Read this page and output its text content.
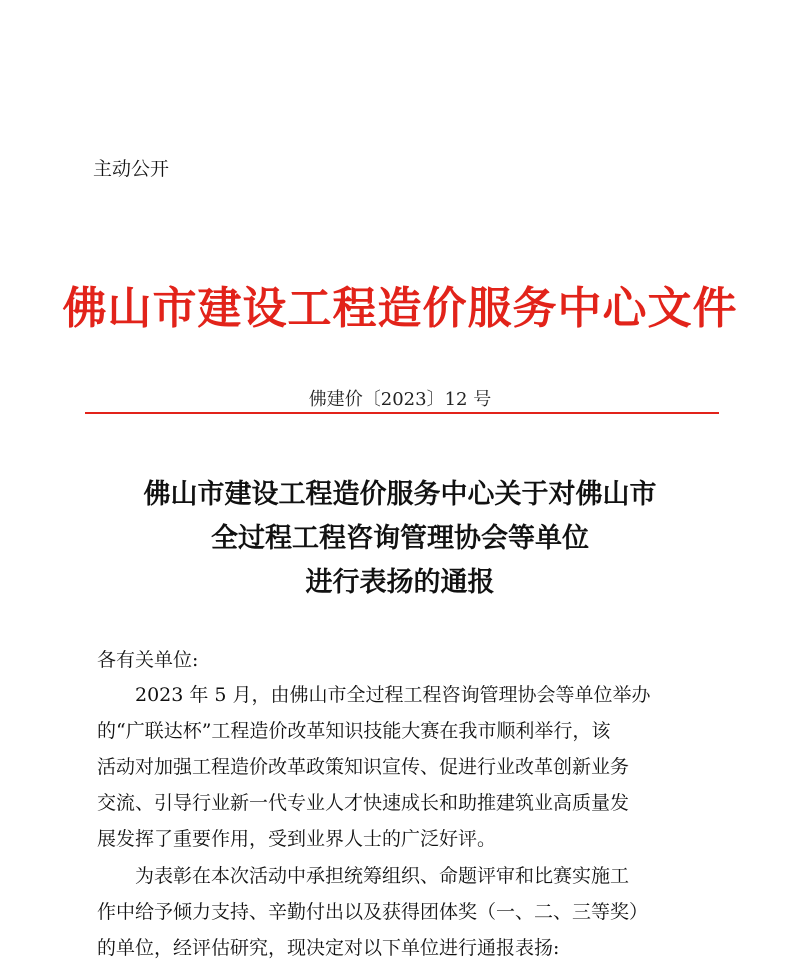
主动公开
佛山市建设工程造价服务中心文件
佛建价〔2023〕12 号
佛山市建设工程造价服务中心关于对佛山市
全过程工程咨询管理协会等单位
进行表扬的通报
各有关单位:
　　2023 年 5 月，由佛山市全过程工程咨询管理协会等单位举办
的“广联达杯”工程造价改革知识技能大赛在我市顺利举行，该
活动对加强工程造价改革政策知识宣传、促进行业改革创新业务
交流、引导行业新一代专业人才快速成长和助推建筑业高质量发
展发挥了重要作用，受到业界人士的广泛好评。
　　为表彰在本次活动中承担统筹组织、命题评审和比赛实施工
作中给予倾力支持、辛勤付出以及获得团体奖（一、二、三等奖）
的单位，经评估研究，现决定对以下单位进行通报表扬:
